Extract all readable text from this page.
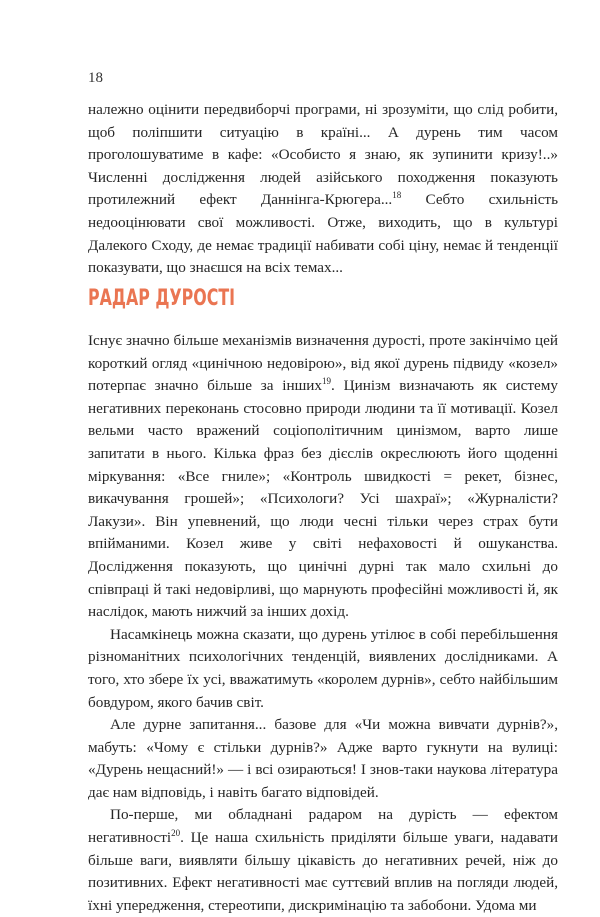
18

належно оцінити передвиборчі програми, ні зрозуміти, що слід робити, щоб поліпшити ситуацію в країні... А дурень тим часом проголошуватиме в кафе: «Особисто я знаю, як зупинити кризу!..» Численні дослідження людей азійського походження показують протилежний ефект Даннінга-Крюгера...$^{18}$ Себто схильність недооцінювати свої можливості. Отже, виходить, що в культурі Далекого Сходу, де немає традиції набивати собі ціну, немає й тенденції показувати, що знаєшся на всіх темах...

РАДАР ДУРОСТІ

Існує значно більше механізмів визначення дурості, проте закінчімо цей короткий огляд «цинічною недовірою», від якої дурень підвиду «козел» потерпає значно більше за інших$^{19}$. Цинізм визначають як систему негативних переконань стосовно природи людини та її мотивації. Козел вельми часто вражений соціополітичним цинізмом, варто лише запитати в нього. Кілька фраз без дієслів окреслюють його щоденні міркування: «Все гниле»; «Контроль швидкості = рекет, бізнес, викачування грошей»; «Психологи? Усі шахраї»; «Журналісти? Лакузи». Він упевнений, що люди чесні тільки через страх бути впійманими. Козел живе у світі нефаховості й ошуканства. Дослідження показують, що цинічні дурні так мало схильні до співпраці й такі недовірливі, що марнують професійні можливості й, як наслідок, мають нижчий за інших дохід.

Насамкінець можна сказати, що дурень утілює в собі перебільшення різноманітних психологічних тенденцій, виявлених дослідниками. А того, хто збере їх усі, вважатимуть «королем дурнів», себто найбільшим бовдуром, якого бачив світ.

Але дурне запитання... базове для «Чи можна вивчати дурнів?», мабуть: «Чому є стільки дурнів?» Адже варто гукнути на вулиці: «Дурень нещасний!» — і всі озираються! І знов-таки наукова література дає нам відповідь, і навіть багато відповідей.

По-перше, ми обладнані радаром на дурість — ефектом негативності$^{20}$. Це наша схильність приділяти більше уваги, надавати більше ваги, виявляти більшу цікавість до негативних речей, ніж до позитивних. Ефект негативності має суттєвий вплив на погляди людей, їхні упередження, стереотипи, дискримінацію та забобони. Удома ми
